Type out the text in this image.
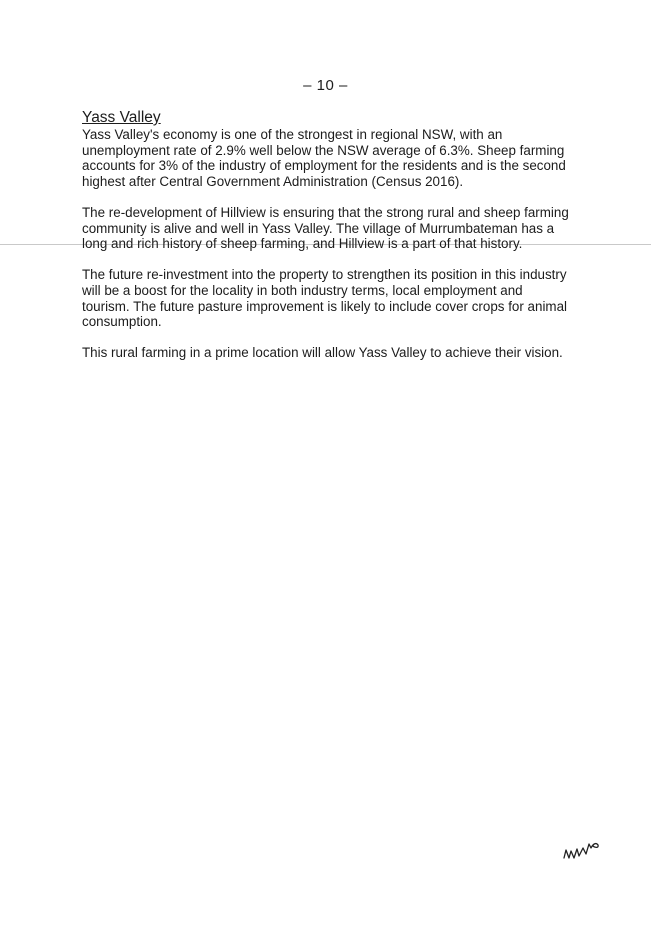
– 10 –
Yass Valley

Yass Valley's economy is one of the strongest in regional NSW, with an unemployment rate of 2.9% well below the NSW average of 6.3%. Sheep farming accounts for 3% of the industry of employment for the residents and is the second highest after Central Government Administration (Census 2016).

The re-development of Hillview is ensuring that the strong rural and sheep farming community is alive and well in Yass Valley. The village of Murrumbateman has a long and rich history of sheep farming, and Hillview is a part of that history.

The future re-investment into the property to strengthen its position in this industry will be a boost for the locality in both industry terms, local employment and tourism. The future pasture improvement is likely to include cover crops for animal consumption.

This rural farming in a prime location will allow Yass Valley to achieve their vision.
